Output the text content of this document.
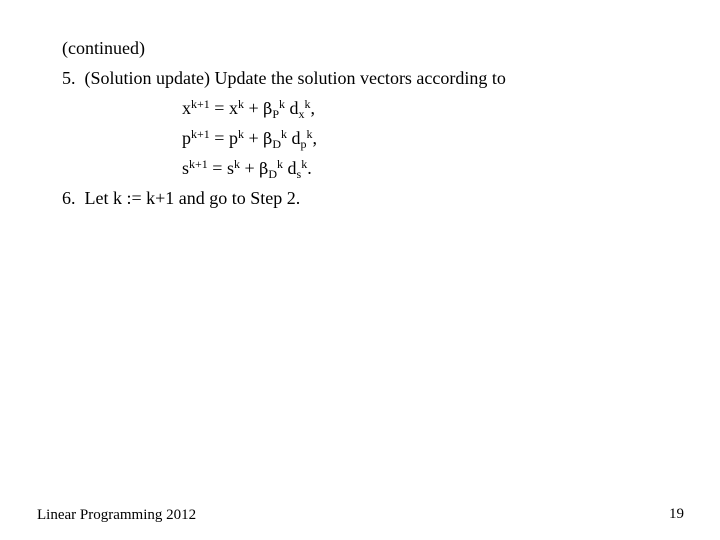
(continued)
5. (Solution update) Update the solution vectors according to
$x^{k+1} = x^k + \beta_P^k$ $d_x^k$,
$p^{k+1} = p^k + \beta_D^k$ $d_p^k$,
$s^{k+1} = s^k + \beta_D^k$ $d_s^k$.
6. Let k := k+1 and go to Step 2.
Linear Programming 2012	19
